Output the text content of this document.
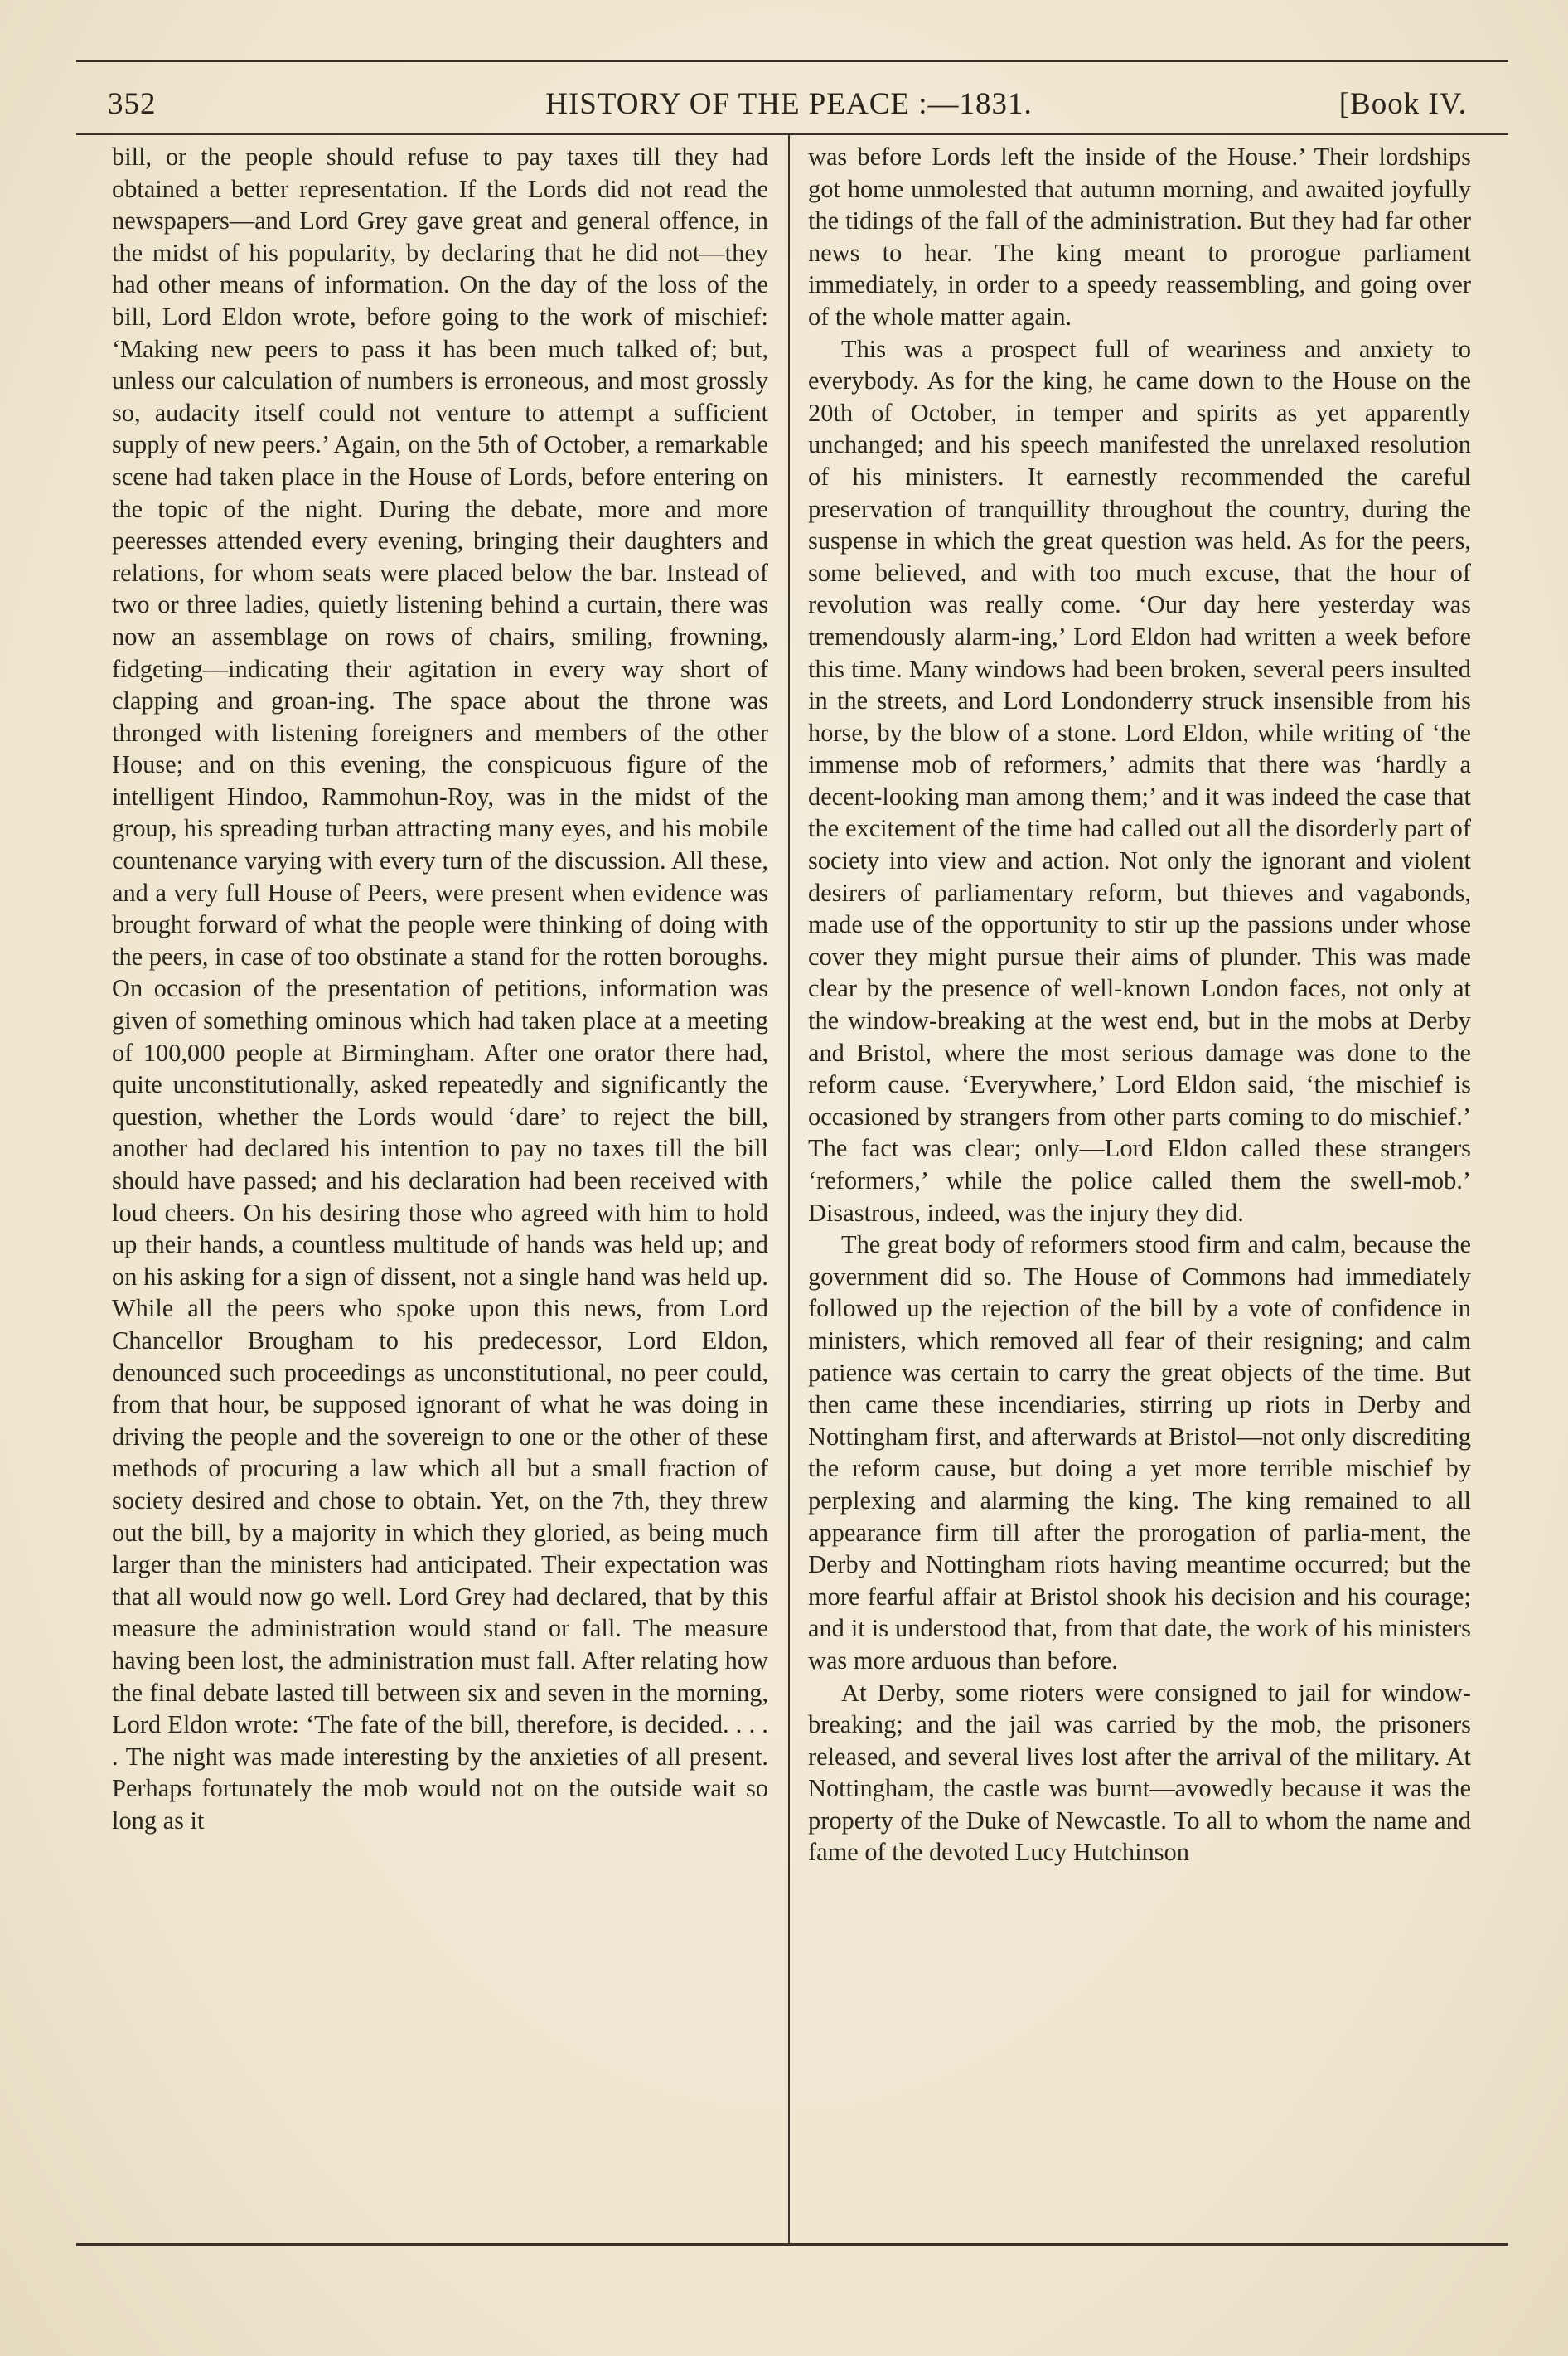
352	HISTORY OF THE PEACE :—1831.	[Book IV.

bill, or the people should refuse to pay taxes till they had obtained a better representation. If the Lords did not read the newspapers—and Lord Grey gave great and general offence, in the midst of his popularity, by declaring that he did not—they had other means of information. On the day of the loss of the bill, Lord Eldon wrote, before going to the work of mischief: ‘Making new peers to pass it has been much talked of; but, unless our calculation of numbers is erroneous, and most grossly so, audacity itself could not venture to attempt a sufficient supply of new peers.’ Again, on the 5th of October, a remarkable scene had taken place in the House of Lords, before entering on the topic of the night. During the debate, more and more peeresses attended every evening, bringing their daughters and relations, for whom seats were placed below the bar. Instead of two or three ladies, quietly listening behind a curtain, there was now an assemblage on rows of chairs, smiling, frowning, fidgeting—indicating their agitation in every way short of clapping and groan-ing. The space about the throne was thronged with listening foreigners and members of the other House; and on this evening, the conspicuous figure of the intelligent Hindoo, Rammohun-Roy, was in the midst of the group, his spreading turban attracting many eyes, and his mobile countenance varying with every turn of the discussion. All these, and a very full House of Peers, were present when evidence was brought forward of what the people were thinking of doing with the peers, in case of too obstinate a stand for the rotten boroughs. On occasion of the presentation of petitions, information was given of something ominous which had taken place at a meeting of 100,000 people at Birmingham. After one orator there had, quite unconstitutionally, asked repeatedly and significantly the question, whether the Lords would ‘dare’ to reject the bill, another had declared his intention to pay no taxes till the bill should have passed; and his declaration had been received with loud cheers. On his desiring those who agreed with him to hold up their hands, a countless multitude of hands was held up; and on his asking for a sign of dissent, not a single hand was held up. While all the peers who spoke upon this news, from Lord Chancellor Brougham to his predecessor, Lord Eldon, denounced such proceedings as unconstitutional, no peer could, from that hour, be supposed ignorant of what he was doing in driving the people and the sovereign to one or the other of these methods of procuring a law which all but a small fraction of society desired and chose to obtain. Yet, on the 7th, they threw out the bill, by a majority in which they gloried, as being much larger than the ministers had anticipated. Their expectation was that all would now go well. Lord Grey had declared, that by this measure the administration would stand or fall. The measure having been lost, the administration must fall. After relating how the final debate lasted till between six and seven in the morning, Lord Eldon wrote: ‘The fate of the bill, therefore, is decided. . . . . The night was made interesting by the anxieties of all present. Perhaps fortunately the mob would not on the outside wait so long as it

was before Lords left the inside of the House.’ Their lordships got home unmolested that autumn morning, and awaited joyfully the tidings of the fall of the administration. But they had far other news to hear. The king meant to prorogue parliament immediately, in order to a speedy reassembling, and going over of the whole matter again.

This was a prospect full of weariness and anxiety to everybody. As for the king, he came down to the House on the 20th of October, in temper and spirits as yet apparently unchanged; and his speech manifested the unrelaxed resolution of his ministers. It earnestly recommended the careful preservation of tranquillity throughout the country, during the suspense in which the great question was held. As for the peers, some believed, and with too much excuse, that the hour of revolution was really come. ‘Our day here yesterday was tremendously alarm-ing,’ Lord Eldon had written a week before this time. Many windows had been broken, several peers insulted in the streets, and Lord Londonderry struck insensible from his horse, by the blow of a stone. Lord Eldon, while writing of ‘the immense mob of reformers,’ admits that there was ‘hardly a decent-looking man among them;’ and it was indeed the case that the excitement of the time had called out all the disorderly part of society into view and action. Not only the ignorant and violent desirers of parliamentary reform, but thieves and vagabonds, made use of the opportunity to stir up the passions under whose cover they might pursue their aims of plunder. This was made clear by the presence of well-known London faces, not only at the window-breaking at the west end, but in the mobs at Derby and Bristol, where the most serious damage was done to the reform cause. ‘Everywhere,’ Lord Eldon said, ‘the mischief is occasioned by strangers from other parts coming to do mischief.’ The fact was clear; only—Lord Eldon called these strangers ‘reformers,’ while the police called them the swell-mob.’ Disastrous, indeed, was the injury they did.

The great body of reformers stood firm and calm, because the government did so. The House of Commons had immediately followed up the rejection of the bill by a vote of confidence in ministers, which removed all fear of their resigning; and calm patience was certain to carry the great objects of the time. But then came these incendiaries, stirring up riots in Derby and Nottingham first, and afterwards at Bristol—not only discrediting the reform cause, but doing a yet more terrible mischief by perplexing and alarming the king. The king remained to all appearance firm till after the prorogation of parlia-ment, the Derby and Nottingham riots having meantime occurred; but the more fearful affair at Bristol shook his decision and his courage; and it is understood that, from that date, the work of his ministers was more arduous than before.

At Derby, some rioters were consigned to jail for window-breaking; and the jail was carried by the mob, the prisoners released, and several lives lost after the arrival of the military. At Nottingham, the castle was burnt—avowedly because it was the property of the Duke of Newcastle. To all to whom the name and fame of the devoted Lucy Hutchinson
